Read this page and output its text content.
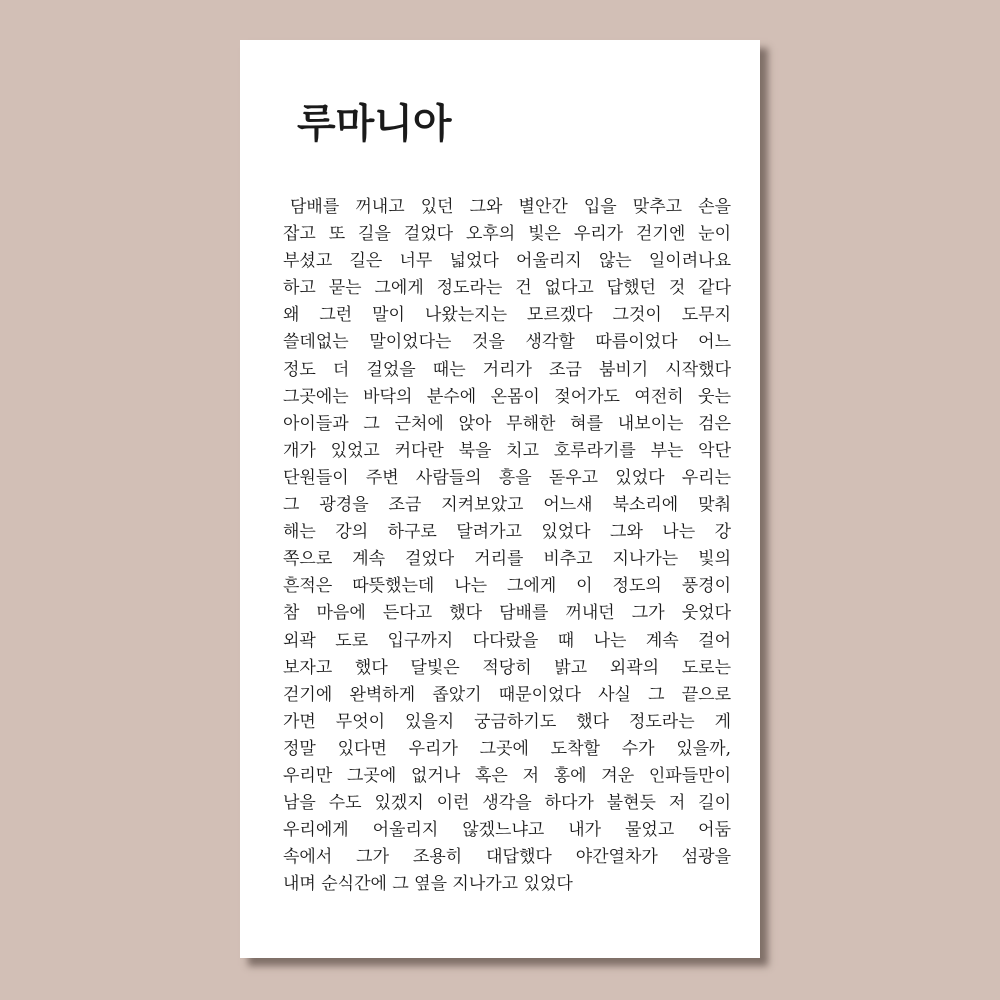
루마니아
담배를 꺼내고 있던 그와 별안간 입을 맞추고 손을
잡고 또 길을 걸었다 오후의 빛은 우리가 걷기엔 눈이
부셨고 길은 너무 넓었다 어울리지 않는 일이려나요
하고 묻는 그에게 정도라는 건 없다고 답했던 것 같다
왜 그런 말이 나왔는지는 모르겠다 그것이 도무지
쓸데없는 말이었다는 것을 생각할 따름이었다 어느
정도 더 걸었을 때는 거리가 조금 붐비기 시작했다
그곳에는 바닥의 분수에 온몸이 젖어가도 여전히 웃는
아이들과 그 근처에 앉아 무해한 혀를 내보이는 검은
개가 있었고 커다란 북을 치고 호루라기를 부는 악단
단원들이 주변 사람들의 흥을 돋우고 있었다 우리는
그 광경을 조금 지켜보았고 어느새 북소리에 맞춰
해는 강의 하구로 달려가고 있었다 그와 나는 강
쪽으로 계속 걸었다 거리를 비추고 지나가는 빛의
흔적은 따뜻했는데 나는 그에게 이 정도의 풍경이
참 마음에 든다고 했다 담배를 꺼내던 그가 웃었다
외곽 도로 입구까지 다다랐을 때 나는 계속 걸어
보자고 했다 달빛은 적당히 밝고 외곽의 도로는
걷기에 완벽하게 좁았기 때문이었다 사실 그 끝으로
가면 무엇이 있을지 궁금하기도 했다 정도라는 게
정말 있다면 우리가 그곳에 도착할 수가 있을까,
우리만 그곳에 없거나 혹은 저 홍에 겨운 인파들만이
남을 수도 있겠지 이런 생각을 하다가 불현듯 저 길이
우리에게 어울리지 않겠느냐고 내가 물었고 어둠
속에서 그가 조용히 대답했다 야간열차가 섬광을
내며 순식간에 그 옆을 지나가고 있었다
